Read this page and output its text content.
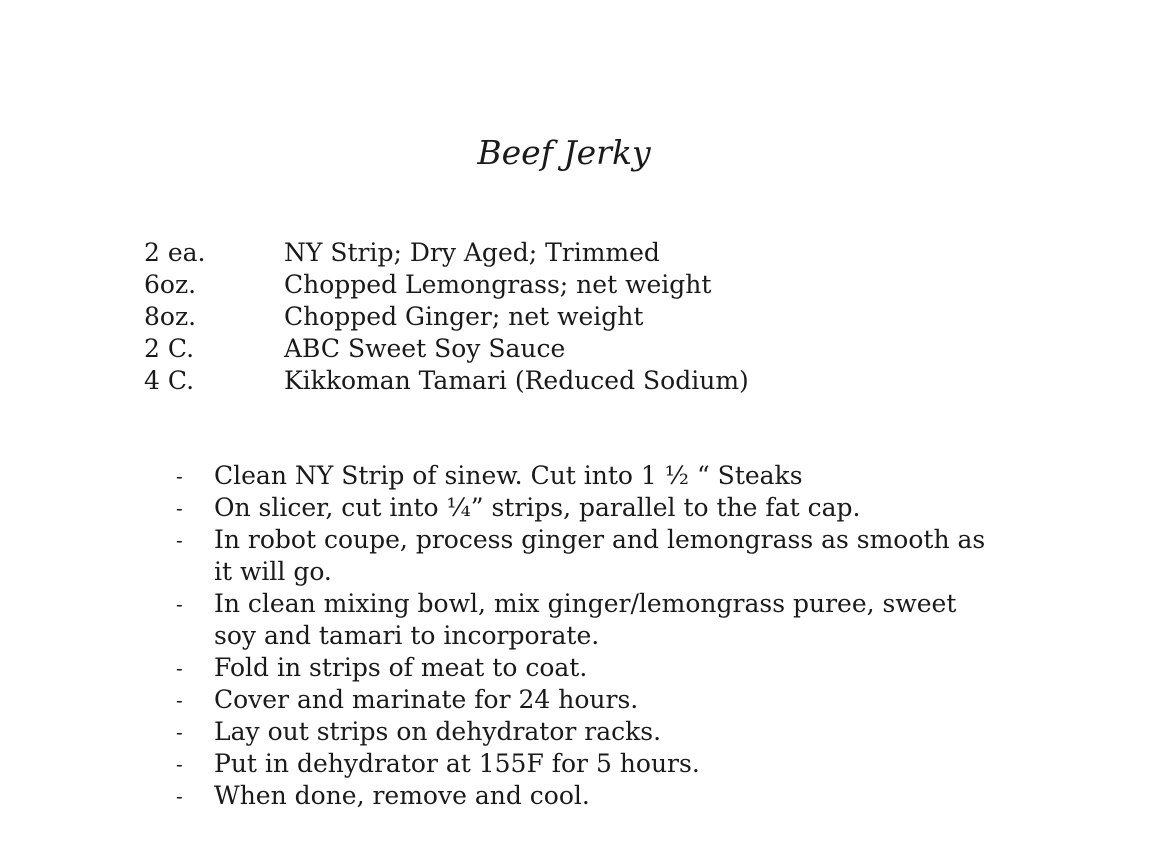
Beef Jerky
2 ea.	NY Strip; Dry Aged; Trimmed
6oz.	Chopped Lemongrass; net weight
8oz.	Chopped Ginger; net weight
2 C.	ABC Sweet Soy Sauce
4 C.	Kikkoman Tamari (Reduced Sodium)
-	Clean NY Strip of sinew. Cut into 1 ½ “ Steaks
-	On slicer, cut into ¼” strips, parallel to the fat cap.
-	In robot coupe, process ginger and lemongrass as smooth as it will go.
-	In clean mixing bowl, mix ginger/lemongrass puree, sweet soy and tamari to incorporate.
-	Fold in strips of meat to coat.
-	Cover and marinate for 24 hours.
-	Lay out strips on dehydrator racks.
-	Put in dehydrator at 155F for 5 hours.
-	When done, remove and cool.
